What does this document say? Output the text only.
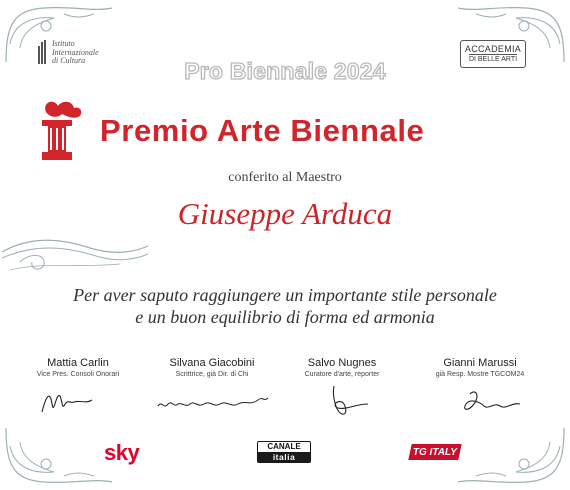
Istituto
Internazionale
di Cultura
ACCADEMIA
DI BELLE ARTI
Pro Biennale 2024
Premio Arte Biennale
conferito al Maestro
Giuseppe Arduca
Per aver saputo raggiungere un importante stile personale
e un buon equilibrio di forma ed armonia
Mattia Carlin
Vice Pres. Consoli Onorari
Silvana Giacobini
Scrittrice, già Dir. di Chi
Salvo Nugnes
Curatore d'arte, reporter
Gianni Marussi
già Resp. Mostre TGCOM24
sky	CANALE
italia	TG ITALY
